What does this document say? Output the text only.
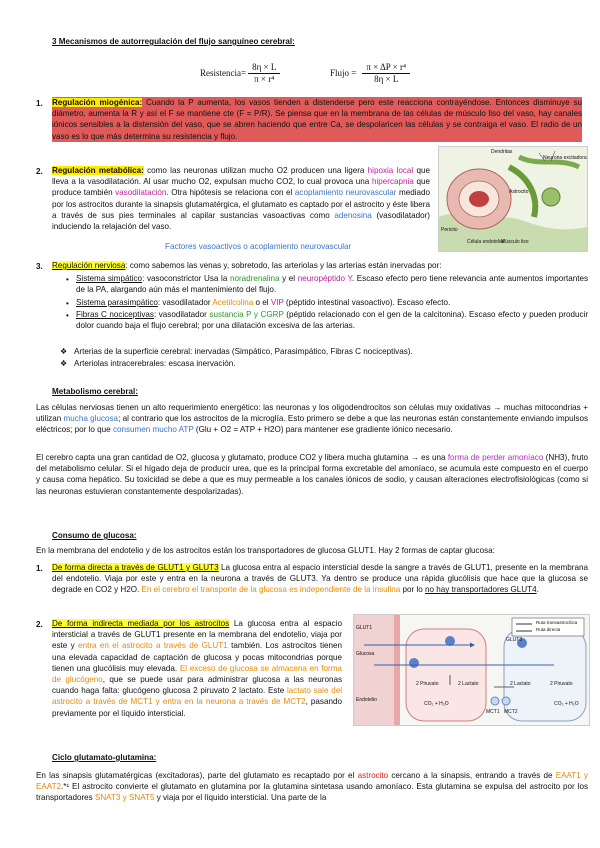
3 Mecanismos de autorregulación del flujo sanguíneo cerebral:
Resistencia= $\frac{8\eta \times L}{\text{π × r⁴}}$	Flujo = $\frac{\text{π × ΔP × r⁴}}{8\eta \times L}$
1. Regulación miogénica: Cuando la P aumenta, los vasos tienden a distenderse pero este reacciona contrayéndose. Entonces disminuye su diámetro, aumenta la R y así el F se mantiene cte (F = P/R). Se piensa que en la membrana de las células de músculo liso del vaso, hay canales iónicos sensibles a la distensión del vaso, que se abren haciendo que entre Ca, se despolaricen las células y se contraiga el vaso. El radio de un vaso es lo que más determina su resistencia y flujo.
2. Regulación metabólica: como las neuronas utilizan mucho O2 producen una ligera hipoxia local que lleva a la vasodilatación. Al usar mucho O2, expulsan mucho CO2, lo cual provoca una hipercapnia que produce también vasodilatación. Otra hipótesis se relaciona con el acoplamiento neurovascular mediado por los astrocitos durante la sinapsis glutamatérgica, el glutamato es captado por el astrocito y éste libera a través de sus pies terminales al capilar sustancias vasoactivas como adenosina (vasodilatador) induciendo la relajación del vaso.
Factores vasoactivos o acoplamiento neurovascular
Neurona excitadora
Astrocito
Pericito
Célula endotelial
Músculo liso
Dendritas
3. Regulación nerviosa: como sabemos las venas y, sobretodo, las arteriolas y las arterias están inervadas por:
• Sistema simpático: vasoconstrictor Usa la noradrenalina y el neuropéptido Y. Escaso efecto pero tiene relevancia ante aumentos importantes de la PA, alargando aún más el mantenimiento del flujo.
• Sistema parasimpático: vasodilatador Acetilcolina o el VIP (péptido intestinal vasoactivo). Escaso efecto.
• Fibras C nociceptivas: vasodilatador sustancia P y CGRP (péptido relacionado con el gen de la calcitonina). Escaso efecto y pueden producir dolor cuando baja el flujo cerebral; por una dilatación excesiva de las arterias.
❖ Arterias de la superficie cerebral: inervadas (Simpático, Parasimpático, Fibras C nociceptivas).
❖ Arteriolas intracerebrales: escasa inervación.
Metabolismo cerebral:
Las células nerviosas tienen un alto requerimiento energético: las neuronas y los oligodendrocitos son células muy oxidativas → muchas mitocondrias + utilizan mucha glucosa; al contrario que los astrocitos de la microglía. Esto primero se debe a que las neuronas están constantemente enviando impulsos eléctricos; por lo que consumen mucho ATP (Glu + O2 = ATP + H2O) para mantener ese gradiente iónico necesario.
El cerebro capta una gran cantidad de O2, glucosa y glutamato, produce CO2 y libera mucha glutamina → es una forma de perder amoníaco (NH3), fruto del metabolismo celular. Si el hígado deja de producir urea, que es la principal forma excretable del amoníaco, se acumula este compuesto en el cuerpo y causa coma hepático. Su toxicidad se debe a que es muy permeable a los canales iónicos de sodio, y causan alteraciones electrofisiológicas (como si las neuronas estuvieran constantemente despolarizadas).
Consumo de glucosa:
En la membrana del endotelio y de los astrocitos están los transportadores de glucosa GLUT1. Hay 2 formas de captar glucosa:
1. De forma directa a través de GLUT1 y GLUT3 La glucosa entra al espacio intersticial desde la sangre a través de GLUT1, presente en la membrana del endotelio. Viaja por este y entra en la neurona a través de GLUT3. Ya dentro se produce una rápida glucólisis que hace que la glucosa se degrade en CO2 y H2O. En el cerebro el transporte de la glucosa es independiente de la insulina por lo no hay transportadores GLUT4.
2. De forma indirecta mediada por los astrocitos La glucosa entra al espacio intersticial a través de GLUT1 presente en la membrana del endotelio, viaja por este y entra en el astrocito a través de GLUT1 también. Los astrocitos tienen una elevada capacidad de captación de glucosa y pocas mitocondrias porque tienen una glucólisis muy elevada. El exceso de glucosa se almacena en forma de glucógeno, que se puede usar para administrar glucosa a las neuronas cuando haga falta: glucógeno glucosa 2 piruvato 2 lactato. Este lactato sale del astrocito a través de MCT1 y entra en la neurona a través de MCT2, pasando previamente por el líquido intersticial.
GLUT1
Glucosa
Endotelio
2 Piruvato	2 Lactato	2 Lactato	2 Piruvato
MCT1 MCT2
CO₂ + H₂O	CO₂ + H₂O
Ruta transastrocítica
Ruta directa
GLUT3
Ciclo glutamato-glutamina:
En las sinapsis glutamatérgicas (excitadoras), parte del glutamato es recaptado por el astrocito cercano a la sinapsis, entrando a través de EAAT1 y EAAT2.*¹ El astrocito convierte el glutamato en glutamina por la glutamina sintetasa usando amoníaco. Esta glutamina se expulsa del astrocito por los transportadores SNAT3 y SNAT5 y viaja por el líquido intersticial. Una parte de la
